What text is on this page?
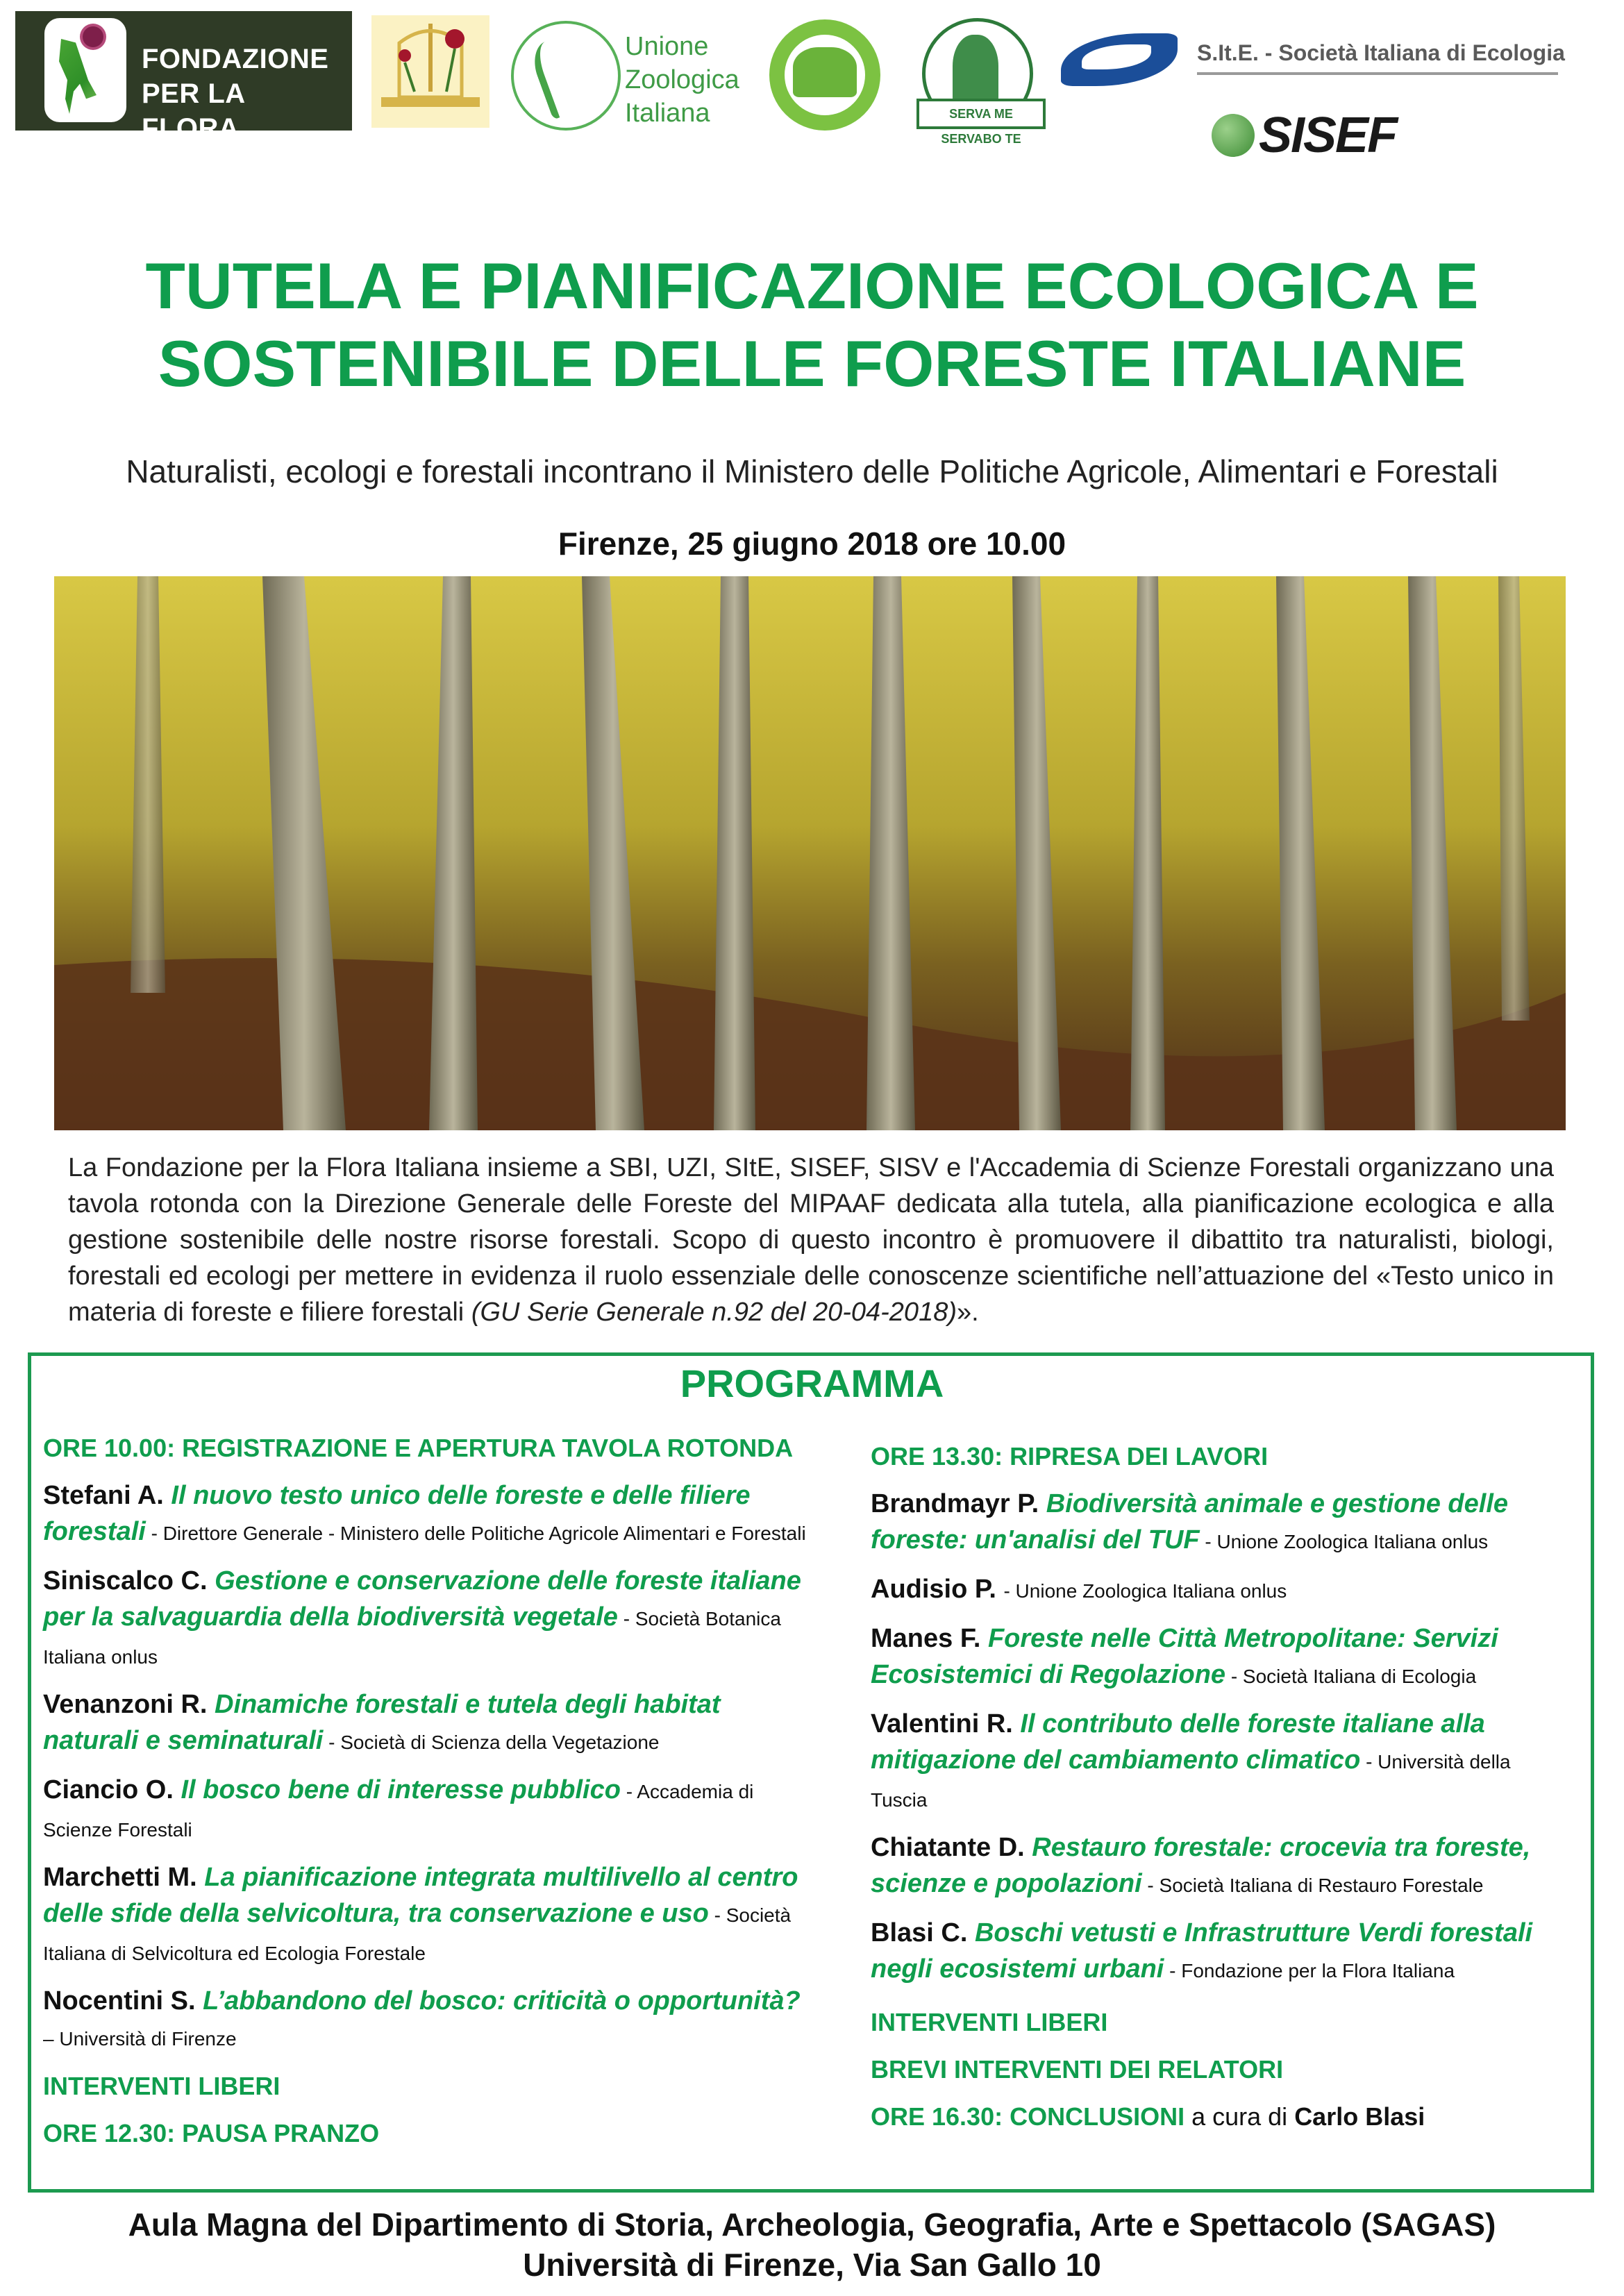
FONDAZIONE PER LA
FLORA ITALIANA
Unione
Zoologica
Italiana	SERVA ME SERVABO TE
S.It.E. - Società Italiana di Ecologia
SISEF
TUTELA E PIANIFICAZIONE ECOLOGICA E
SOSTENIBILE DELLE FORESTE ITALIANE
Naturalisti, ecologi e forestali incontrano il Ministero delle Politiche Agricole, Alimentari e Forestali
Firenze, 25 giugno 2018 ore 10.00
La Fondazione per la Flora Italiana insieme a SBI, UZI, SItE, SISEF, SISV e l'Accademia di Scienze Forestali organizzano una tavola rotonda con la Direzione Generale delle Foreste del MIPAAF dedicata alla tutela, alla pianificazione ecologica e alla gestione sostenibile delle nostre risorse forestali. Scopo di questo incontro è promuovere il dibattito tra naturalisti, biologi, forestali ed ecologi per mettere in evidenza il ruolo essenziale delle conoscenze scientifiche nell’attuazione del «Testo unico in materia di foreste e filiere forestali (GU Serie Generale n.92 del 20-04-2018)».
PROGRAMMA
ORE 10.00: REGISTRAZIONE E APERTURA TAVOLA ROTONDA
Stefani A. Il nuovo testo unico delle foreste e delle filiere forestali - Direttore Generale - Ministero delle Politiche Agricole Alimentari e Forestali
Siniscalco C. Gestione e conservazione delle foreste italiane per la salvaguardia della biodiversità vegetale - Società Botanica Italiana onlus
Venanzoni R. Dinamiche forestali e tutela degli habitat naturali e seminaturali - Società di Scienza della Vegetazione
Ciancio O. Il bosco bene di interesse pubblico - Accademia di Scienze Forestali
Marchetti M. La pianificazione integrata multilivello al centro delle sfide della selvicoltura, tra conservazione e uso - Società Italiana di Selvicoltura ed Ecologia Forestale
Nocentini S. L’abbandono del bosco: criticità o opportunità?
– Università di Firenze
INTERVENTI LIBERI
ORE 12.30: PAUSA PRANZO
ORE 13.30: RIPRESA DEI LAVORI
Brandmayr P. Biodiversità animale e gestione delle foreste: un'analisi del TUF - Unione Zoologica Italiana onlus
Audisio P. - Unione Zoologica Italiana onlus
Manes F. Foreste nelle Città Metropolitane: Servizi Ecosistemici di Regolazione - Società Italiana di Ecologia
Valentini R. Il contributo delle foreste italiane alla mitigazione del cambiamento climatico - Università della Tuscia
Chiatante D. Restauro forestale: crocevia tra foreste, scienze e popolazioni - Società Italiana di Restauro Forestale
Blasi C. Boschi vetusti e Infrastrutture Verdi forestali negli ecosistemi urbani - Fondazione per la Flora Italiana
INTERVENTI LIBERI
BREVI INTERVENTI DEI RELATORI
ORE 16.30: CONCLUSIONI a cura di Carlo Blasi
Aula Magna del Dipartimento di Storia, Archeologia, Geografia, Arte e Spettacolo (SAGAS)
Università di Firenze, Via San Gallo 10
